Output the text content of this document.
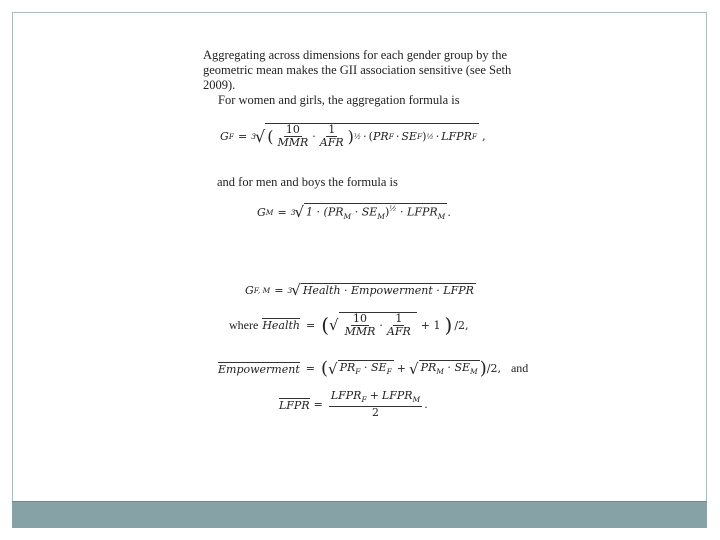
Aggregating across dimensions for each gender group by the
geometric mean makes the GII association sensitive (see Seth
2009).
For women and girls, the aggregation formula is
G F = 3 √ ( $\frac{10}{\text{MMR}} \cdot \frac{1}{\text{AFR}}$ ) ½ · ( PR F · SE F ) ½ · LFPR F ,
and for men and boys the formula is
G M = 3 √ $1 \cdot (PR_M \cdot SE_M)^{\frac{1}{2}}$ · $LFPR_M$ .
G F, M = 3 √ Health · Empowerment · LFPR
where Health = ( √ $\frac{10}{\text{MMR}} \cdot \frac{1}{\text{AFR}} + 1$ ) /2,
Empowerment = ( √ $PR_F \cdot SE_F$ + √ $PR_M \cdot SE_M$ ) /2, and
LFPR = $\frac{LFPR_F + LFPR_M}{2}$ .
